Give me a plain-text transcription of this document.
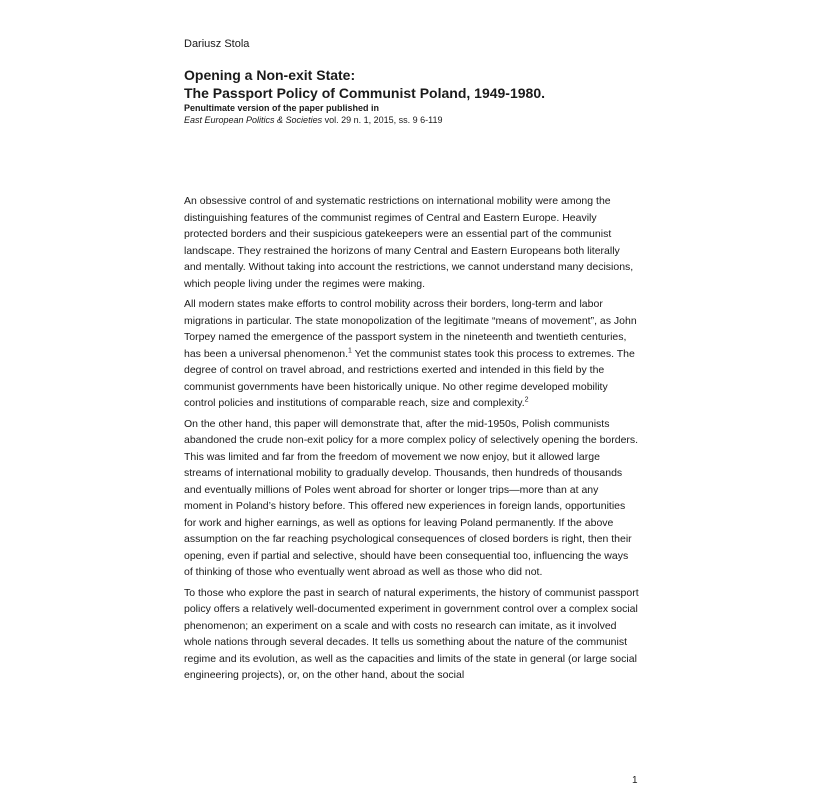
Dariusz Stola
Opening a Non-exit State:
The Passport Policy of Communist Poland, 1949-1980.
Penultimate version of the paper published in
East European Politics & Societies vol. 29 n. 1, 2015, ss. 9 6-119

An obsessive control of and systematic restrictions on international mobility were among the distinguishing features of the communist regimes of Central and Eastern Europe. Heavily protected borders and their suspicious gatekeepers were an essential part of the communist landscape. They restrained the horizons of many Central and Eastern Europeans both literally and mentally. Without taking into account the restrictions, we cannot understand many decisions, which people living under the regimes were making.

All modern states make efforts to control mobility across their borders, long-term and labor migrations in particular. The state monopolization of the legitimate “means of movement”, as John Torpey named the emergence of the passport system in the nineteenth and twentieth centuries, has been a universal phenomenon.$^1$ Yet the communist states took this process to extremes. The degree of control on travel abroad, and restrictions exerted and intended in this field by the communist governments have been historically unique. No other regime developed mobility control policies and institutions of comparable reach, size and complexity.$^2$

On the other hand, this paper will demonstrate that, after the mid-1950s, Polish communists abandoned the crude non-exit policy for a more complex policy of selectively opening the borders. This was limited and far from the freedom of movement we now enjoy, but it allowed large streams of international mobility to gradually develop. Thousands, then hundreds of thousands and eventually millions of Poles went abroad for shorter or longer trips—more than at any moment in Poland’s history before. This offered new experiences in foreign lands, opportunities for work and higher earnings, as well as options for leaving Poland permanently. If the above assumption on the far reaching psychological consequences of closed borders is right, then their opening, even if partial and selective, should have been consequential too, influencing the ways of thinking of those who eventually went abroad as well as those who did not.

To those who explore the past in search of natural experiments, the history of communist passport policy offers a relatively well-documented experiment in government control over a complex social phenomenon; an experiment on a scale and with costs no research can imitate, as it involved whole nations through several decades. It tells us something about the nature of the communist regime and its evolution, as well as the capacities and limits of the state in general (or large social engineering projects), or, on the other hand, about the social

1
